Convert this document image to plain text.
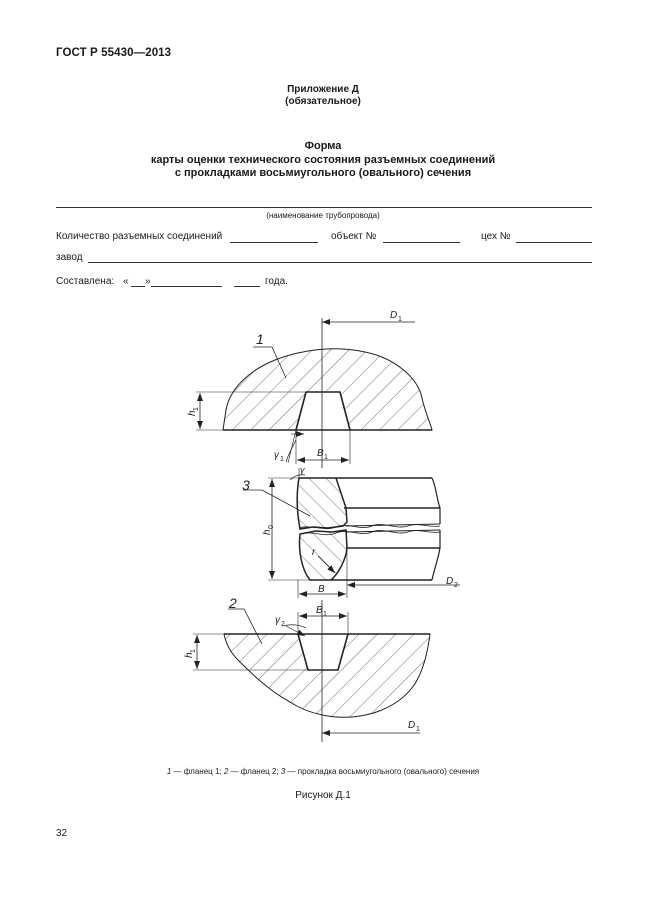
ГОСТ Р 55430—2013
Приложение Д
(обязательное)
Форма
карты оценки технического состояния разъемных соединений
с прокладками восьмиугольного (овального) сечения
(наименование трубопровода)
Количество разъемных соединений	объект №	цех №
завод
Составлена: « »	года.
1
D 1
h
1
γ 1
B 1
γ
3
h
0
r
B
D 2
2	B 1
γ 2
h
1
D 1
1 — фланец 1; 2 — фланец 2; 3 — прокладка восьмиугольного (овального) сечения
Рисунок Д.1
32
